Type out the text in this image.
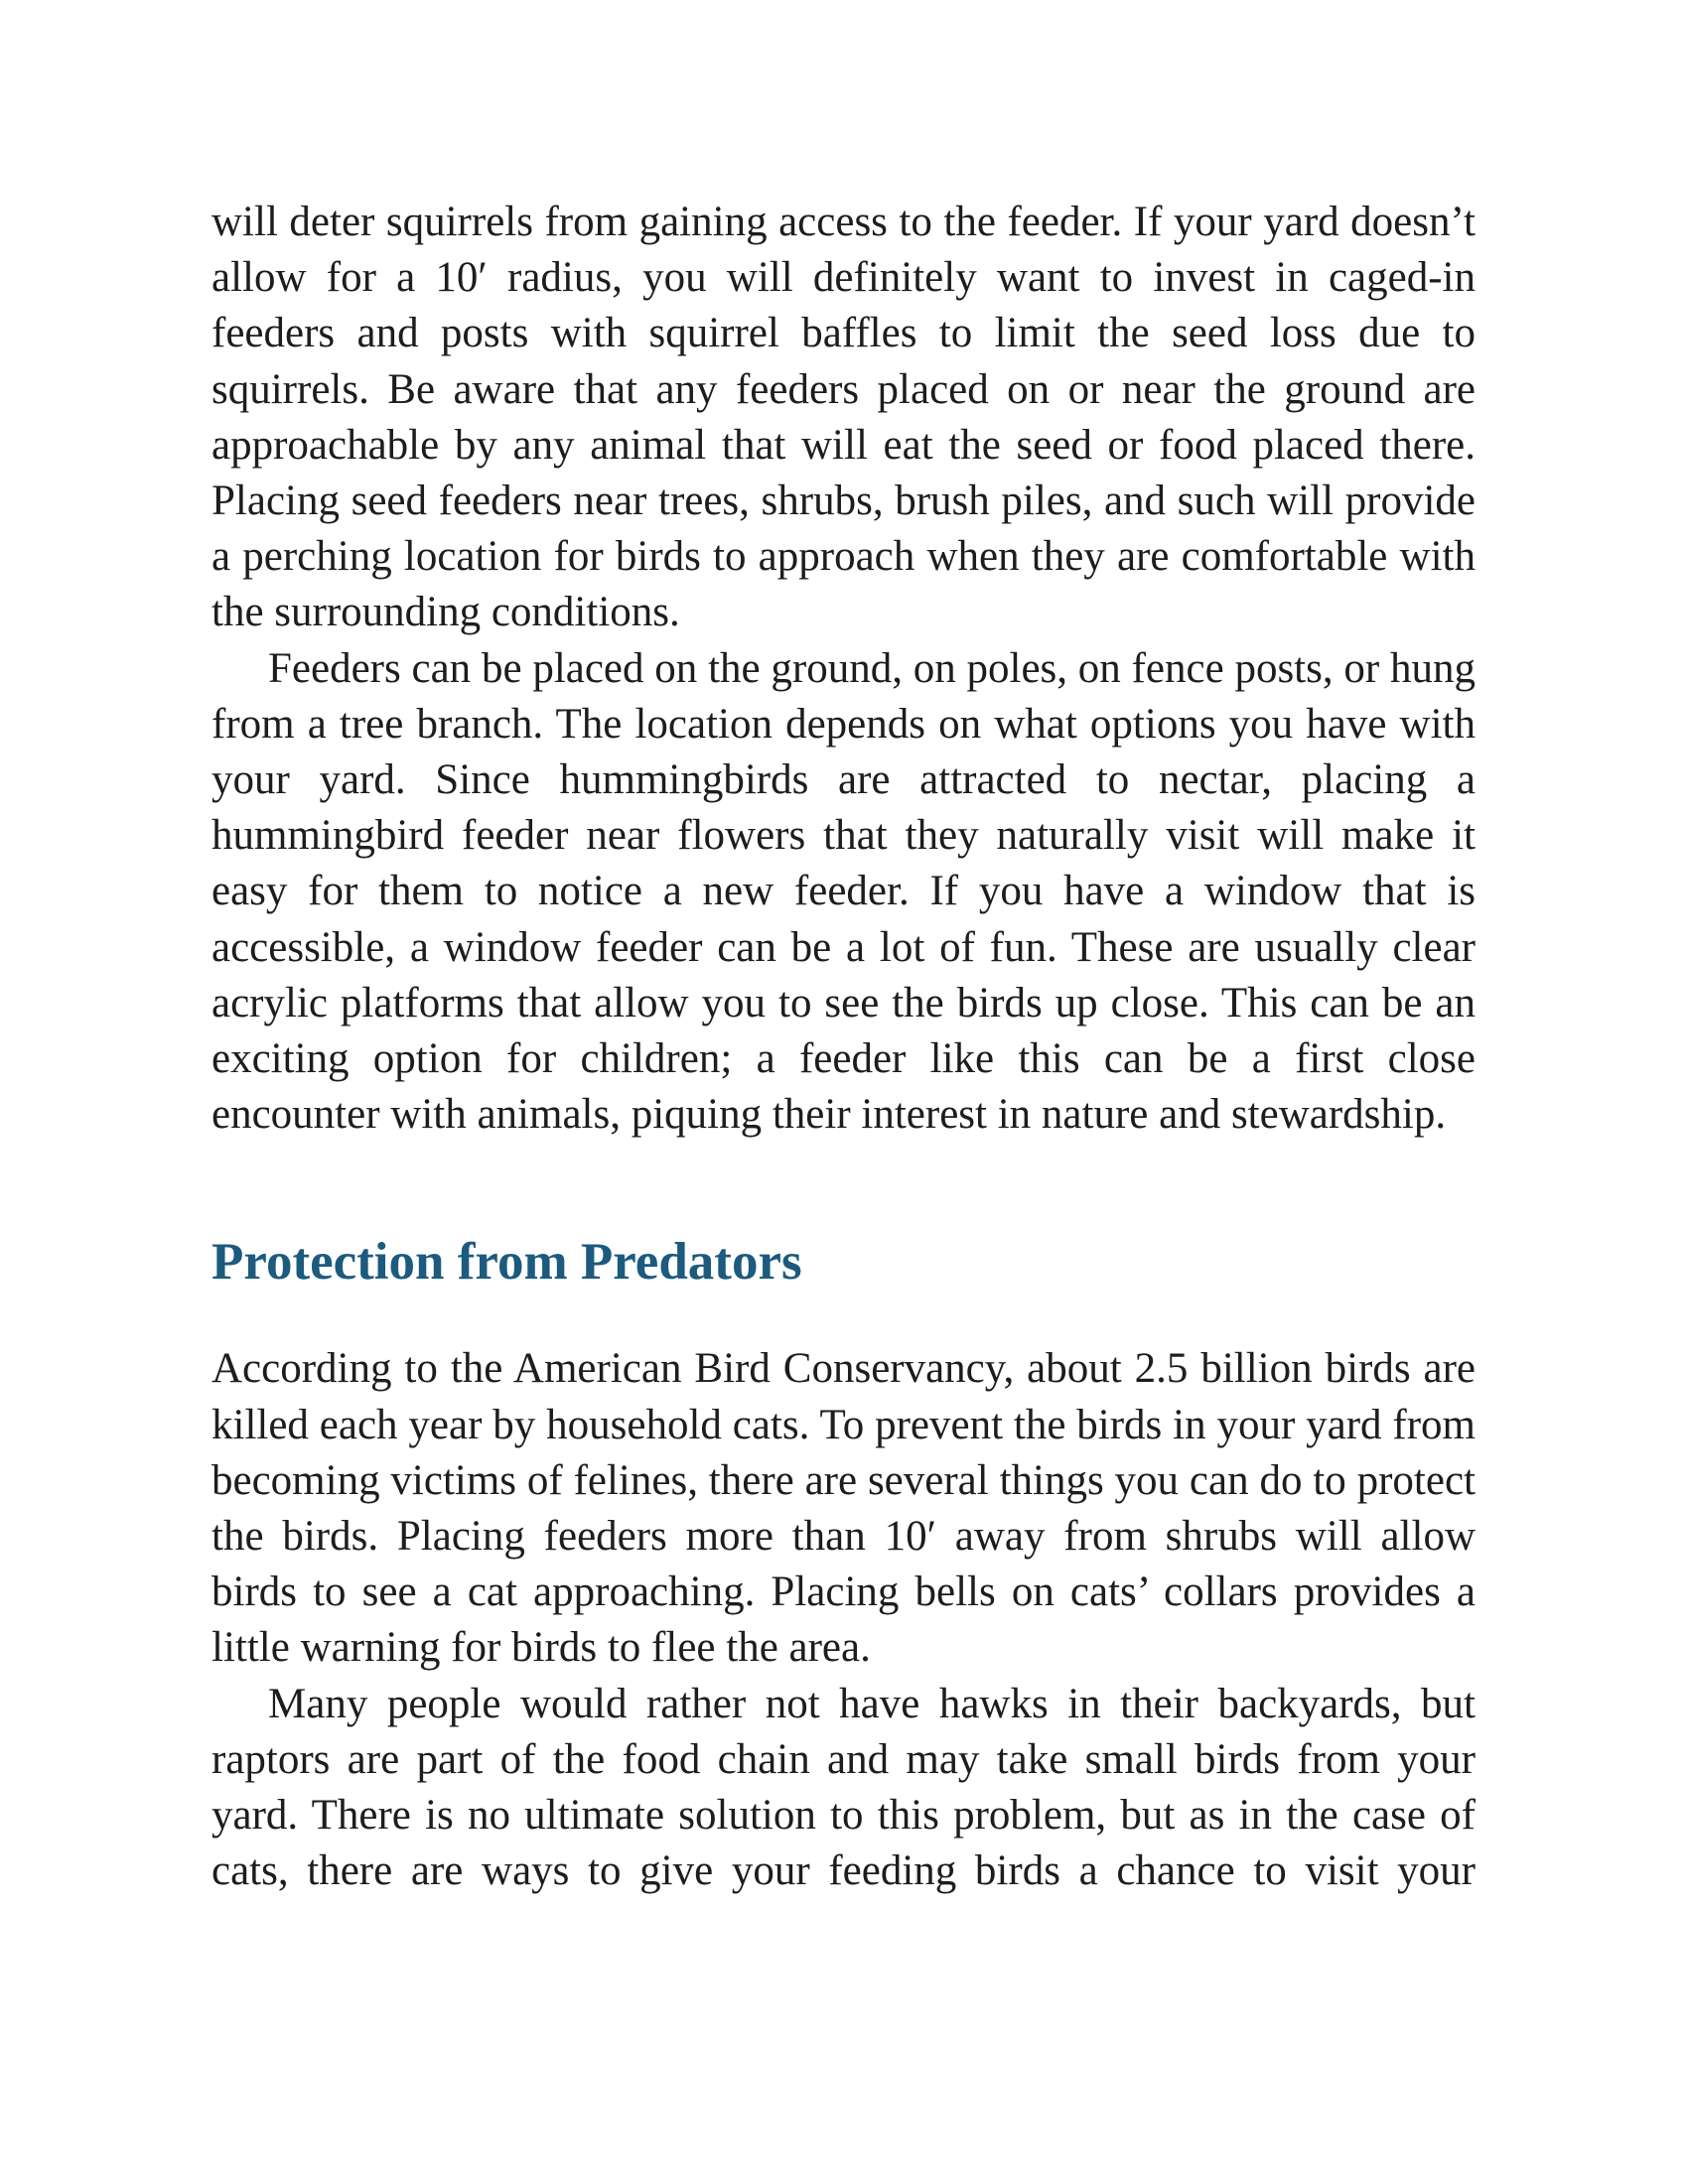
will deter squirrels from gaining access to the feeder. If your yard doesn’t allow for a 10′ radius, you will definitely want to invest in caged-in feeders and posts with squirrel baffles to limit the seed loss due to squirrels. Be aware that any feeders placed on or near the ground are approachable by any animal that will eat the seed or food placed there. Placing seed feeders near trees, shrubs, brush piles, and such will provide a perching location for birds to approach when they are comfortable with the surrounding conditions.

Feeders can be placed on the ground, on poles, on fence posts, or hung from a tree branch. The location depends on what options you have with your yard. Since hummingbirds are attracted to nectar, placing a hummingbird feeder near flowers that they naturally visit will make it easy for them to notice a new feeder. If you have a window that is accessible, a window feeder can be a lot of fun. These are usually clear acrylic platforms that allow you to see the birds up close. This can be an exciting option for children; a feeder like this can be a first close encounter with animals, piquing their interest in nature and stewardship.

Protection from Predators

According to the American Bird Conservancy, about 2.5 billion birds are killed each year by household cats. To prevent the birds in your yard from becoming victims of felines, there are several things you can do to protect the birds. Placing feeders more than 10′ away from shrubs will allow birds to see a cat approaching. Placing bells on cats’ collars provides a little warning for birds to flee the area.

Many people would rather not have hawks in their backyards, but raptors are part of the food chain and may take small birds from your yard. There is no ultimate solution to this problem, but as in the case of cats, there are ways to give your feeding birds a chance to visit your
